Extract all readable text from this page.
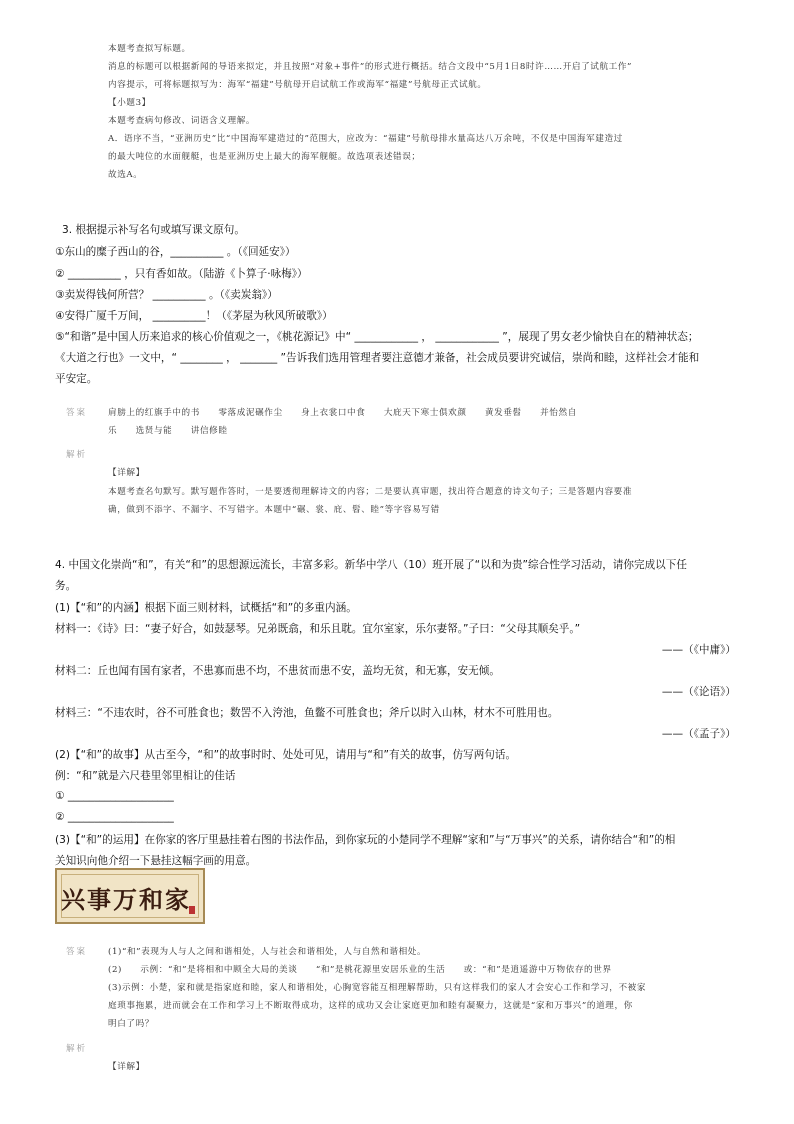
本题考查拟写标题。
消息的标题可以根据新闻的导语来拟定，并且按照“对象+事件”的形式进行概括。结合文段中“5月1日8时许……开启了试航工作”
内容提示，可将标题拟写为：海军“福建”号航母开启试航工作或海军“福建”号航母正式试航。
【小题3】
本题考查病句修改、词语含义理解。
A．语序不当，“亚洲历史”比“中国海军建造过的”范围大，应改为：“福建”号航母排水量高达八万余吨，不仅是中国海军建造过
的最大吨位的水面舰艇，也是亚洲历史上最大的海军舰艇。故选项表述错误；
故选A。
3. 根据提示补写名句或填写课文原句。
①东山的糜子西山的谷，__________ 。（《回延安》）
② __________ ，只有香如故。（陆游《卜算子·咏梅》）
③卖炭得钱何所营？ __________ 。（《卖炭翁》）
④安得广厦千万间， __________！（《茅屋为秋风所破歌》）
⑤“和谐”是中国人历来追求的核心价值观之一，《桃花源记》中“ ____________ ， ____________ ”，展现了男女老少愉快自在的精神状态；
《大道之行也》一文中，“ ________ ， _______ ”告诉我们选用管理者要注意德才兼备，社会成员要讲究诚信，崇尚和睦，这样社会才能和
平安定。
答案 肩膀上的红旗手中的书　　零落成泥碾作尘　　身上衣裳口中食　　大庇天下寒士俱欢颜　　黄发垂髫　　并怡然自
乐　　选贤与能　　讲信修睦
解析
【详解】
本题考查名句默写。默写题作答时，一是要透彻理解诗文的内容；二是要认真审题，找出符合题意的诗文句子；三是答题内容要准
确，做到不添字、不漏字、不写错字。本题中“碾、裳、庇、髫、睦”等字容易写错
4. 中国文化崇尚“和”，有关“和”的思想源远流长，丰富多彩。新华中学八（10）班开展了“以和为贵”综合性学习活动，请你完成以下任
务。
(1)【“和”的内涵】根据下面三则材料，试概括“和”的多重内涵。
材料一：《诗》曰：“妻子好合，如鼓瑟琴。兄弟既翕，和乐且耽。宜尔室家，乐尔妻帑。”子曰：“父母其顺矣乎。”
——（《中庸》）
材料二：丘也闻有国有家者，不患寡而患不均，不患贫而患不安，盖均无贫，和无寡，安无倾。
——（《论语》）
材料三：“不违农时，谷不可胜食也；数罟不入洿池，鱼鳖不可胜食也；斧斤以时入山林，材木不可胜用也。
——（《孟子》）
(2)【“和”的故事】从古至今，“和”的故事时时、处处可见，请用与“和”有关的故事，仿写两句话。
例：“和”就是六尺巷里邻里相让的佳话
① ____________________
② ____________________
(3)【“和”的运用】在你家的客厅里悬挂着右图的书法作品，到你家玩的小楚同学不理解“家和”与“万事兴”的关系，请你结合“和”的相
关知识向他介绍一下悬挂这幅字画的用意。
家
和
万
事
兴
答案 (1)“和”表现为人与人之间和谐相处，人与社会和谐相处，人与自然和谐相处。
(2)　　示例：“和”是将相和中顾全大局的美谈　　“和”是桃花源里安居乐业的生活　　或：“和”是逍遥游中万物依存的世界
(3)示例：小楚，家和就是指家庭和睦，家人和谐相处，心胸宽容能互相理解帮助，只有这样我们的家人才会安心工作和学习，不被家
庭琐事拖累，进而就会在工作和学习上不断取得成功，这样的成功又会让家庭更加和睦有凝聚力，这就是“家和万事兴”的道理，你
明白了吗？
解析
【详解】
